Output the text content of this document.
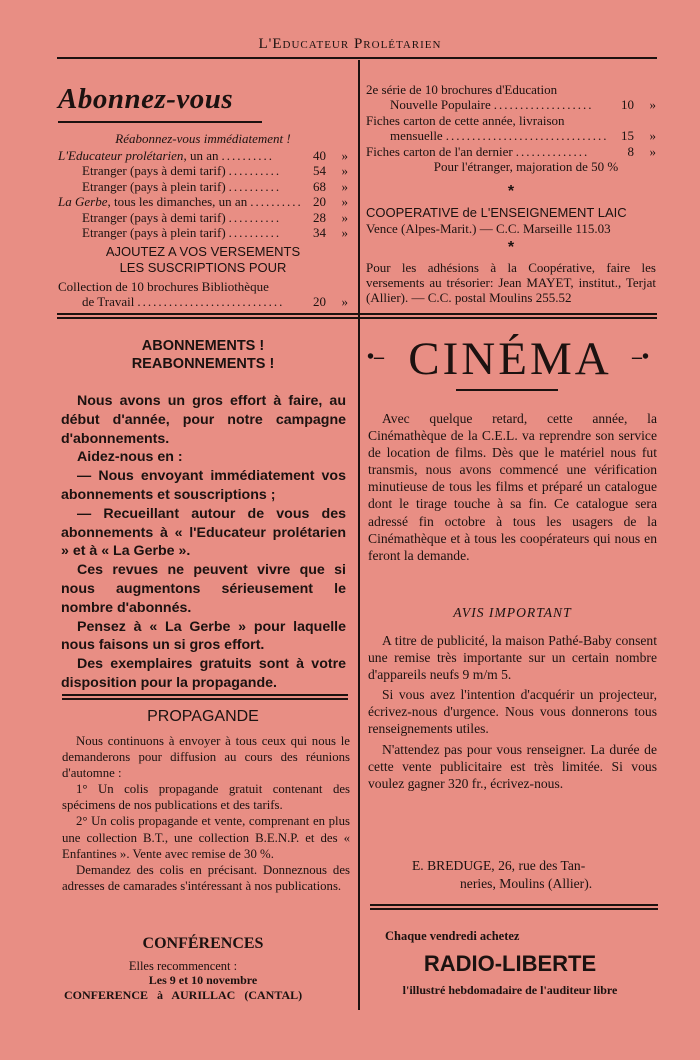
L'Educateur Prolétarien
Abonnez-vous
Réabonnez-vous immédiatement !
L'Educateur prolétarien, un an ..........	40	»
Etranger (pays à demi tarif) ..........	54	»
Etranger (pays à plein tarif) ..........	68	»
La Gerbe, tous les dimanches, un an .......... 20	»
Etranger (pays à demi tarif) ..........	28	»
Etranger (pays à plein tarif) ..........	34	»
AJOUTEZ A VOS VERSEMENTS
LES SUSCRIPTIONS POUR
Collection de 10 brochures Bibliothèque
de Travail ............................	20	»
2e série de 10 brochures d'Education
Nouvelle Populaire ...................	10	»
Fiches carton de cette année, livraison
mensuelle ............................... 15	»
Fiches carton de l'an dernier ..............	8	»
Pour l'étranger, majoration de 50 %
*
COOPERATIVE de L'ENSEIGNEMENT LAIC
Vence (Alpes-Marit.) — C.C. Marseille 115.03
*
Pour les adhésions à la Coopérative, faire les versements au trésorier: Jean MAYET, institut., Terjat (Allier). — C.C. postal Moulins 255.52
ABONNEMENTS !
REABONNEMENTS !
Nous avons un gros effort à faire, au début d'année, pour notre campagne d'abonnements.
Aidez-nous en :
— Nous envoyant immédiatement vos abonnements et souscriptions ;
— Recueillant autour de vous des abonnements à « l'Educateur prolétarien » et à « La Gerbe ».
Ces revues ne peuvent vivre que si nous augmentons sérieusement le nombre d'abonnés.
Pensez à « La Gerbe » pour laquelle nous faisons un si gros effort.
Des exemplaires gratuits sont à votre disposition pour la propagande.
PROPAGANDE
Nous continuons à envoyer à tous ceux qui nous le demanderons pour diffusion au cours des réunions d'automne :
1° Un colis propagande gratuit contenant des spécimens de nos publications et des tarifs.
2° Un colis propagande et vente, comprenant en plus une collection B.T., une collection B.E.N.P. et des « Enfantines ». Vente avec remise de 30 %.
Demandez des colis en précisant. Donneznous des adresses de camarades s'intéressant à nos publications.
CONFÉRENCES
Elles recommencent :
Les 9 et 10 novembre
CONFERENCE à AURILLAC (CANTAL)
•–	–•
CINÉMA
Avec quelque retard, cette année, la Cinémathèque de la C.E.L. va reprendre son service de location de films. Dès que le matériel nous fut transmis, nous avons commencé une vérification minutieuse de tous les films et préparé un catalogue dont le tirage touche à sa fin. Ce catalogue sera adressé fin octobre à tous les usagers de la Cinémathèque et à tous les coopérateurs qui nous en feront la demande.
AVIS IMPORTANT
A titre de publicité, la maison Pathé-Baby consent une remise très importante sur un certain nombre d'appareils neufs 9 m/m 5.
Si vous avez l'intention d'acquérir un projecteur, écrivez-nous d'urgence. Nous vous donnerons tous renseignements utiles.
N'attendez pas pour vous renseigner. La durée de cette vente publicitaire est très limitée. Si vous voulez gagner 320 fr., écrivez-nous.
E. BREDUGE, 26, rue des Tan-
neries, Moulins (Allier).
Chaque vendredi achetez
RADIO-LIBERTE
l'illustré hebdomadaire de l'auditeur libre
